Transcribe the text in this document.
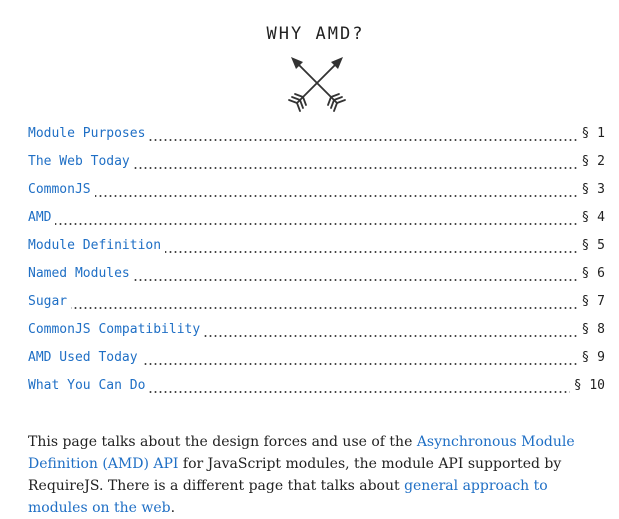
WHY AMD?
Module Purposes	§ 1
The Web Today	§ 2
CommonJS	§ 3
AMD	§ 4
Module Definition	§ 5
Named Modules	§ 6
Sugar	§ 7
CommonJS Compatibility	§ 8
AMD Used Today	§ 9
What You Can Do	§ 10

This page talks about the design forces and use of the Asynchronous Module Definition (AMD) API for JavaScript modules, the module API supported by RequireJS. There is a different page that talks about general approach to modules on the web.
